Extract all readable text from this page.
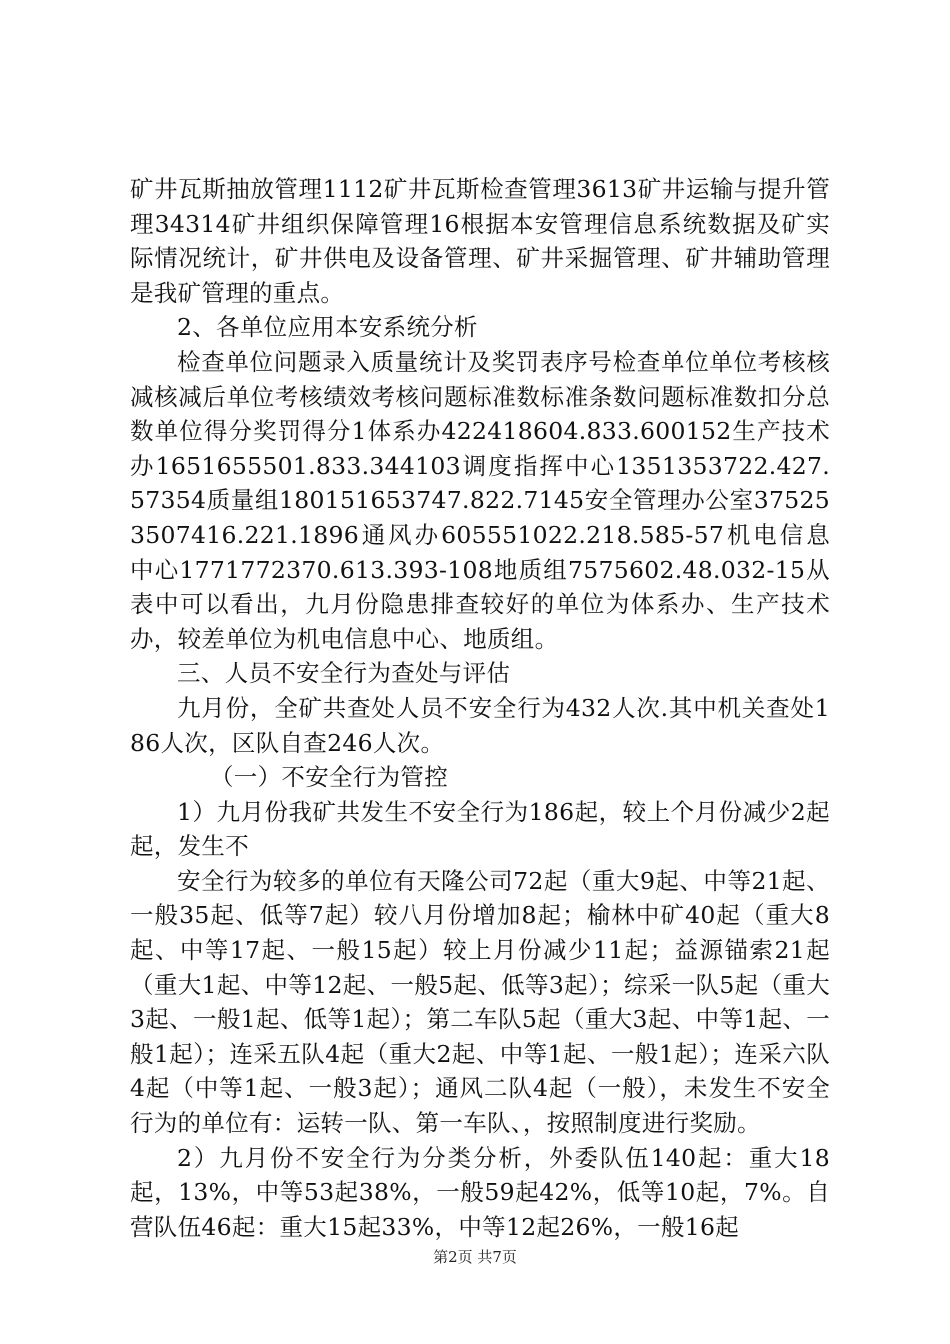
矿井瓦斯抽放管理1112矿井瓦斯检查管理3613矿井运输与提升管理34314矿井组织保障管理16根据本安管理信息系统数据及矿实际情况统计，矿井供电及设备管理、矿井采掘管理、矿井辅助管理是我矿管理的重点。

2、各单位应用本安系统分析

检查单位问题录入质量统计及奖罚表序号检查单位单位考核核减核减后单位考核绩效考核问题标准数标准条数问题标准数扣分总数单位得分奖罚得分1体系办422418604.833.600152生产技术办1651655501.833.344103调度指挥中心1351353722.427.57354质量组180151653747.822.7145安全管理办公室375253507416.221.1896通风办605551022.218.585-57机电信息中心1771772370.613.393-108地质组7575602.48.032-15从表中可以看出，九月份隐患排查较好的单位为体系办、生产技术办，较差单位为机电信息中心、地质组。

三、人员不安全行为查处与评估

九月份，全矿共查处人员不安全行为432人次.其中机关查处186人次，区队自查246人次。

（一）不安全行为管控

1）九月份我矿共发生不安全行为186起，较上个月份减少2起起，发生不

安全行为较多的单位有天隆公司72起（重大9起、中等21起、一般35起、低等7起）较八月份增加8起；榆林中矿40起（重大8起、中等17起、一般15起）较上月份减少11起；益源锚索21起（重大1起、中等12起、一般5起、低等3起）；综采一队5起（重大3起、一般1起、低等1起）；第二车队5起（重大3起、中等1起、一般1起）；连采五队4起（重大2起、中等1起、一般1起）；连采六队4起（中等1起、一般3起）；通风二队4起（一般），未发生不安全行为的单位有：运转一队、第一车队、，按照制度进行奖励。

2）九月份不安全行为分类分析，外委队伍140起：重大18起，13%，中等53起38%，一般59起42%，低等10起，7%。自营队伍46起：重大15起33%，中等12起26%，一般16起

第2页 共7页
